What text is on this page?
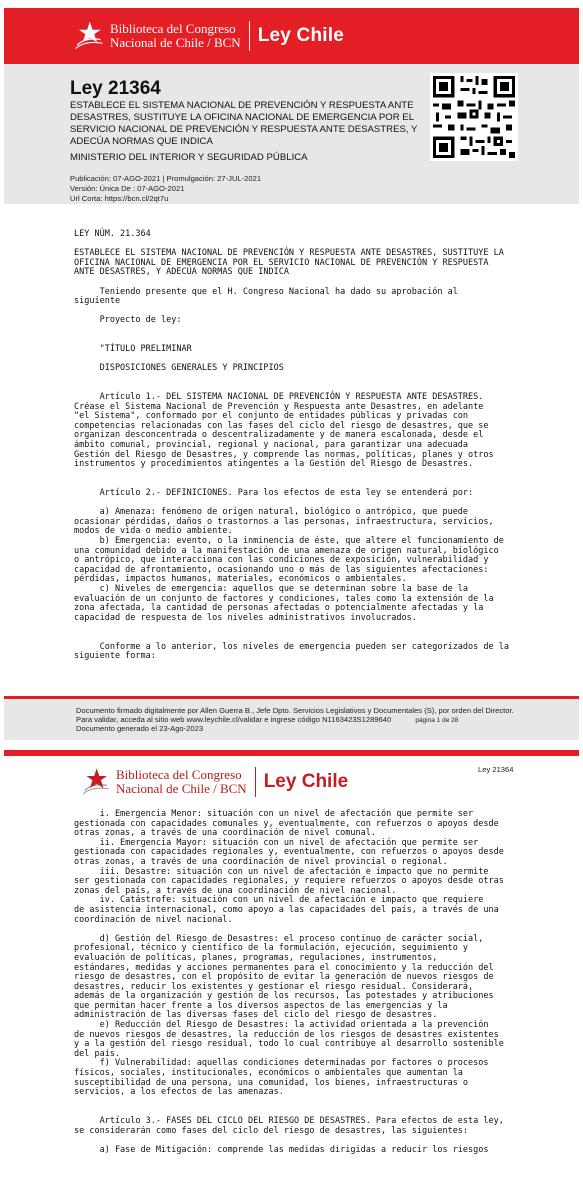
Biblioteca del Congreso
Nacional de Chile / BCN Ley Chile
Ley 21364
ESTABLECE EL SISTEMA NACIONAL DE PREVENCIÓN Y RESPUESTA ANTE DESASTRES, SUSTITUYE LA OFICINA NACIONAL DE EMERGENCIA POR EL SERVICIO NACIONAL DE PREVENCIÓN Y RESPUESTA ANTE DESASTRES, Y ADECÚA NORMAS QUE INDICA
MINISTERIO DEL INTERIOR Y SEGURIDAD PÚBLICA
Publicación: 07-AGO-2021 | Promulgación: 27-JUL-2021
Versión: Única De : 07-AGO-2021
Url Corta: https://bcn.cl/2qt7u
LEY NÚM. 21.364

ESTABLECE EL SISTEMA NACIONAL DE PREVENCIÓN Y RESPUESTA ANTE DESASTRES, SUSTITUYE LA
OFICINA NACIONAL DE EMERGENCIA POR EL SERVICIO NACIONAL DE PREVENCIÓN Y RESPUESTA
ANTE DESASTRES, Y ADECÚA NORMAS QUE INDICA

Teniendo presente que el H. Congreso Nacional ha dado su aprobación al
siguiente

Proyecto de ley:

"TÍTULO PRELIMINAR

DISPOSICIONES GENERALES Y PRINCIPIOS

Artículo 1.- DEL SISTEMA NACIONAL DE PREVENCIÓN Y RESPUESTA ANTE DESASTRES.
Créase el Sistema Nacional de Prevención y Respuesta ante Desastres, en adelante
"el Sistema", conformado por el conjunto de entidades públicas y privadas con
competencias relacionadas con las fases del ciclo del riesgo de desastres, que se
organizan desconcentrada o descentralizadamente y de manera escalonada, desde el
ámbito comunal, provincial, regional y nacional, para garantizar una adecuada
Gestión del Riesgo de Desastres, y comprende las normas, políticas, planes y otros
instrumentos y procedimientos atingentes a la Gestión del Riesgo de Desastres.

Artículo 2.- DEFINICIONES. Para los efectos de esta ley se entenderá por:

a) Amenaza: fenómeno de origen natural, biológico o antrópico, que puede
ocasionar pérdidas, daños o trastornos a las personas, infraestructura, servicios,
modos de vida o medio ambiente.
b) Emergencia: evento, o la inminencia de éste, que altere el funcionamiento de
una comunidad debido a la manifestación de una amenaza de origen natural, biológico
o antrópico, que interacciona con las condiciones de exposición, vulnerabilidad y
capacidad de afrontamiento, ocasionando uno o más de las siguientes afectaciones:
pérdidas, impactos humanos, materiales, económicos o ambientales.
c) Niveles de emergencia: aquellos que se determinan sobre la base de la
evaluación de un conjunto de factores y condiciones, tales como la extensión de la
zona afectada, la cantidad de personas afectadas o potencialmente afectadas y la
capacidad de respuesta de los niveles administrativos involucrados.

Conforme a lo anterior, los niveles de emergencia pueden ser categorizados de la
siguiente forma:
Documento firmado digitalmente por Allen Guerra B., Jefe Dpto. Servicios Legislativos y Documentales (S), por orden del Director.
Para validar, acceda al sitio web www.leychile.cl/validar e ingrese código N1163423S1289640	página 1 de 28
Documento generado el 23-Ago-2023
Biblioteca del Congreso
Nacional de Chile / BCN Ley Chile
Ley 21364
i. Emergencia Menor: situación con un nivel de afectación que permite ser
gestionada con capacidades comunales y, eventualmente, con refuerzos o apoyos desde
otras zonas, a través de una coordinación de nivel comunal.
ii. Emergencia Mayor: situación con un nivel de afectación que permite ser
gestionada con capacidades regionales y, eventualmente, con refuerzos o apoyos desde
otras zonas, a través de una coordinación de nivel provincial o regional.
iii. Desastre: situación con un nivel de afectación e impacto que no permite
ser gestionada con capacidades regionales, y requiere refuerzos o apoyos desde otras
zonas del país, a través de una coordinación de nivel nacional.
iv. Catástrofe: situación con un nivel de afectación e impacto que requiere
de asistencia internacional, como apoyo a las capacidades del país, a través de una
coordinación de nivel nacional.

d) Gestión del Riesgo de Desastres: el proceso continuo de carácter social,
profesional, técnico y científico de la formulación, ejecución, seguimiento y
evaluación de políticas, planes, programas, regulaciones, instrumentos,
estándares, medidas y acciones permanentes para el conocimiento y la reducción del
riesgo de desastres, con el propósito de evitar la generación de nuevos riesgos de
desastres, reducir los existentes y gestionar el riesgo residual. Considerará,
además de la organización y gestión de los recursos, las potestades y atribuciones
que permitan hacer frente a los diversos aspectos de las emergencias y la
administración de las diversas fases del ciclo del riesgo de desastres.
e) Reducción del Riesgo de Desastres: la actividad orientada a la prevención
de nuevos riesgos de desastres, la reducción de los riesgos de desastres existentes
y a la gestión del riesgo residual, todo lo cual contribuye al desarrollo sostenible
del país.
f) Vulnerabilidad: aquellas condiciones determinadas por factores o procesos
físicos, sociales, institucionales, económicos o ambientales que aumentan la
susceptibilidad de una persona, una comunidad, los bienes, infraestructuras o
servicios, a los efectos de las amenazas.

Artículo 3.- FASES DEL CICLO DEL RIESGO DE DESASTRES. Para efectos de esta ley,
se considerarán como fases del ciclo del riesgo de desastres, las siguientes:

a) Fase de Mitigación: comprende las medidas dirigidas a reducir los riesgos
